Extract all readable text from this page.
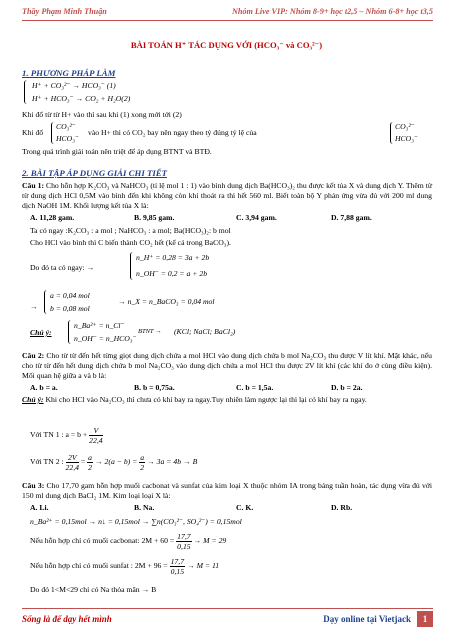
Thầy Phạm Minh Thuận	Nhóm Live VIP: Nhóm 8-9+ học t2,5 – Nhóm 6-8+ học t3,5
BÀI TOÁN H⁺ TÁC DỤNG VỚI (HCO₃⁻ và CO₃²⁻)
1. PHƯƠNG PHÁP LÀM
H⁺ + CO₃²⁻ → HCO₃⁻ (1)
H⁺ + HCO₃⁻ → CO₂ + H₂O(2)
Khi đổ từ từ H+ vào thì sau khi (1) xong mới tới (2)
Khi đổ
CO₃²⁻
HCO₃⁻
vào H+ thì có CO₂ bay nên ngay theo tỷ đúng tỷ lệ của
CO₃²⁻
HCO₃⁻
Trong quá trình giải toán nên triệt để áp dụng BTNT và BTĐ.
2. BÀI TẬP ÁP DỤNG GIẢI CHI TIẾT
Câu 1: Cho hỗn hợp K₂CO₃ và NaHCO₃ (tỉ lệ mol 1 : 1) vào bình dung dịch Ba(HCO₃)₂ thu được kết tủa X và dung dịch Y. Thêm từ từ dung dịch HCl 0,5M vào bình đến khi không còn khí thoát ra thì hết 560 ml. Biết toàn bộ Y phản ứng vừa đủ với 200 ml dung dịch NaOH 1M. Khối lượng kết tủa X là:
A. 11,28 gam.	B. 9,85 gam.	C. 3,94 gam.	D. 7,88 gam.
Ta có ngay :K₂CO₃ : a mol ; NaHCO₃ : a mol; Ba(HCO₃)₂: b mol
Cho HCl vào bình thì C biến thành CO₂ hết (kể cả trong BaCO₃).
Do đó ta có ngay: →
n_H⁺ = 0,28 = 3a + 2b
n_OH⁻ = 0,2 = a + 2b
→
a = 0,04 mol
b = 0,08 mol
→ n_X = n_BaCO₃ = 0,04 mol
Chú ý:
n_Ba²⁺ = n_Cl⁻
n_OH⁻ = n_HCO₃⁻
BTNT → (KCl; NaCl; BaCl₂)
Câu 2: Cho từ từ đến hết từng giọt dung dịch chứa a mol HCl vào dung dịch chứa b mol Na₂CO₃ thu được V lít khí. Mặt khác, nếu cho từ từ đến hết dung dịch chứa b mol Na₂CO₃ vào dung dịch chứa a mol HCl thu được 2V lít khí (các khí đo ở cùng điều kiện). Mối quan hệ giữa a và b là:
A. b = a.	B. b = 0,75a.	C. b = 1,5a.	D. b = 2a.
Chú ý: Khi cho HCl vào Na₂CO₃ thì chưa có khí bay ra ngay.Tuy nhiên làm ngược lại thì lại có khí bay ra ngay.
Với TN 1 : $a = b + \frac{V}{22,4}$
Với TN 2 : $\frac{2V}{22,4} = \frac{a}{2} \to 2(a - b) = \frac{a}{2} \to 3a = 4b \to B$
Câu 3: Cho 17,70 gam hỗn hợp muối cacbonat và sunfat của kim loại X thuộc nhóm IA trong bảng tuần hoàn, tác dụng vừa đủ với 150 ml dung dịch BaCl₂ 1M. Kim loại loại X là:
A. Li.	B. Na.	C. K.	D. Rb.
n_Ba²⁺ = 0,15mol → n↓ = 0,15mol → ∑n(CO₃²⁻, SO₄²⁻) = 0,15mol
Nếu hỗn hợp chỉ có muối cacbonat: $2M + 60 = \frac{17,7}{0,15} \to M = 29$
Nếu hỗn hợp chỉ có muối sunfat : $2M + 96 = \frac{17,7}{0,15} \to M = 11$
Do đó 1<M<29 chỉ có Na thỏa mãn → B
Sống là để dạy hết mình	Dạy online tại Vietjack	1
